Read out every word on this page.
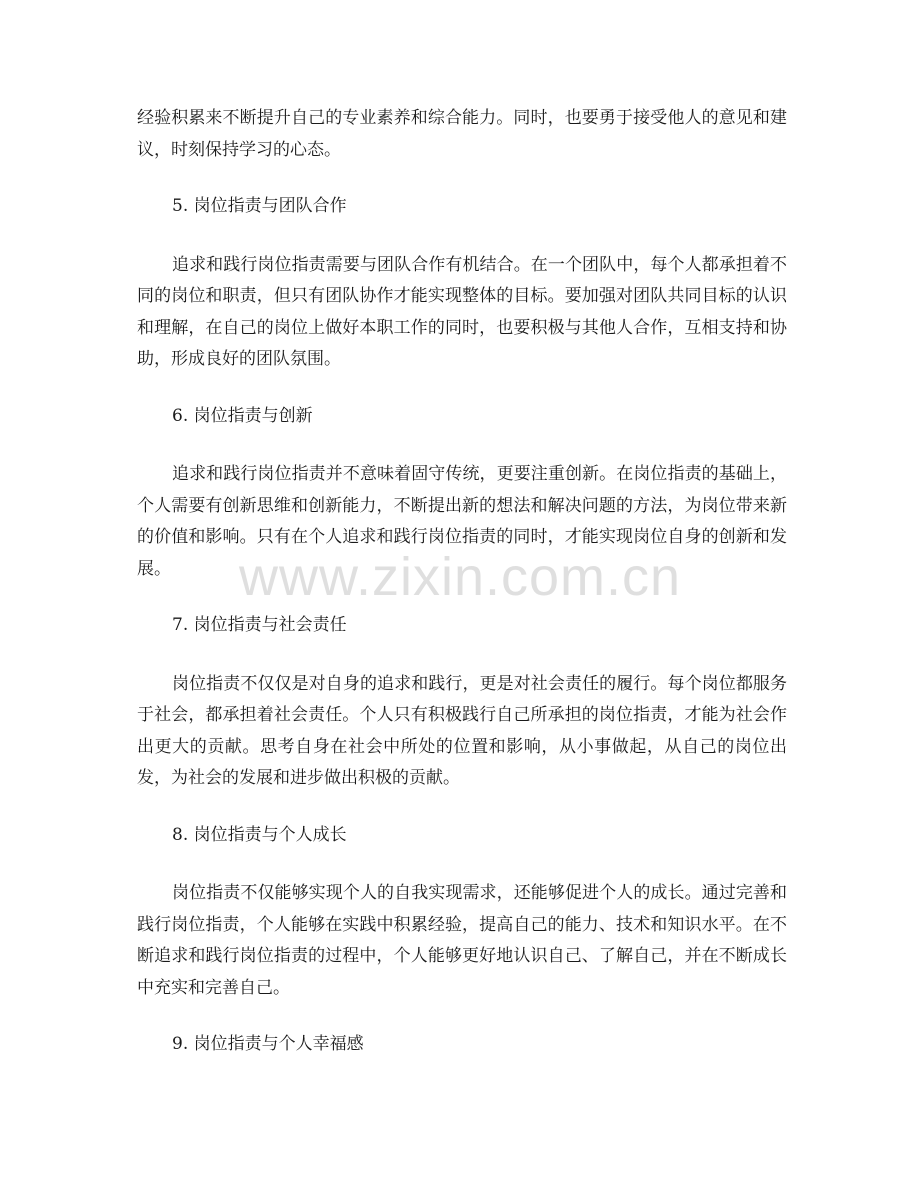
经验积累来不断提升自己的专业素养和综合能力。同时，也要勇于接受他人的意见和建议，时刻保持学习的心态。

5. 岗位指责与团队合作

追求和践行岗位指责需要与团队合作有机结合。在一个团队中，每个人都承担着不同的岗位和职责，但只有团队协作才能实现整体的目标。要加强对团队共同目标的认识和理解，在自己的岗位上做好本职工作的同时，也要积极与其他人合作，互相支持和协助，形成良好的团队氛围。

6. 岗位指责与创新

追求和践行岗位指责并不意味着固守传统，更要注重创新。在岗位指责的基础上，个人需要有创新思维和创新能力，不断提出新的想法和解决问题的方法，为岗位带来新的价值和影响。只有在个人追求和践行岗位指责的同时，才能实现岗位自身的创新和发展。

7. 岗位指责与社会责任

岗位指责不仅仅是对自身的追求和践行，更是对社会责任的履行。每个岗位都服务于社会，都承担着社会责任。个人只有积极践行自己所承担的岗位指责，才能为社会作出更大的贡献。思考自身在社会中所处的位置和影响，从小事做起，从自己的岗位出发，为社会的发展和进步做出积极的贡献。

8. 岗位指责与个人成长

岗位指责不仅能够实现个人的自我实现需求，还能够促进个人的成长。通过完善和践行岗位指责，个人能够在实践中积累经验，提高自己的能力、技术和知识水平。在不断追求和践行岗位指责的过程中，个人能够更好地认识自己、了解自己，并在不断成长中充实和完善自己。

9. 岗位指责与个人幸福感

www.zixin.com.cn
